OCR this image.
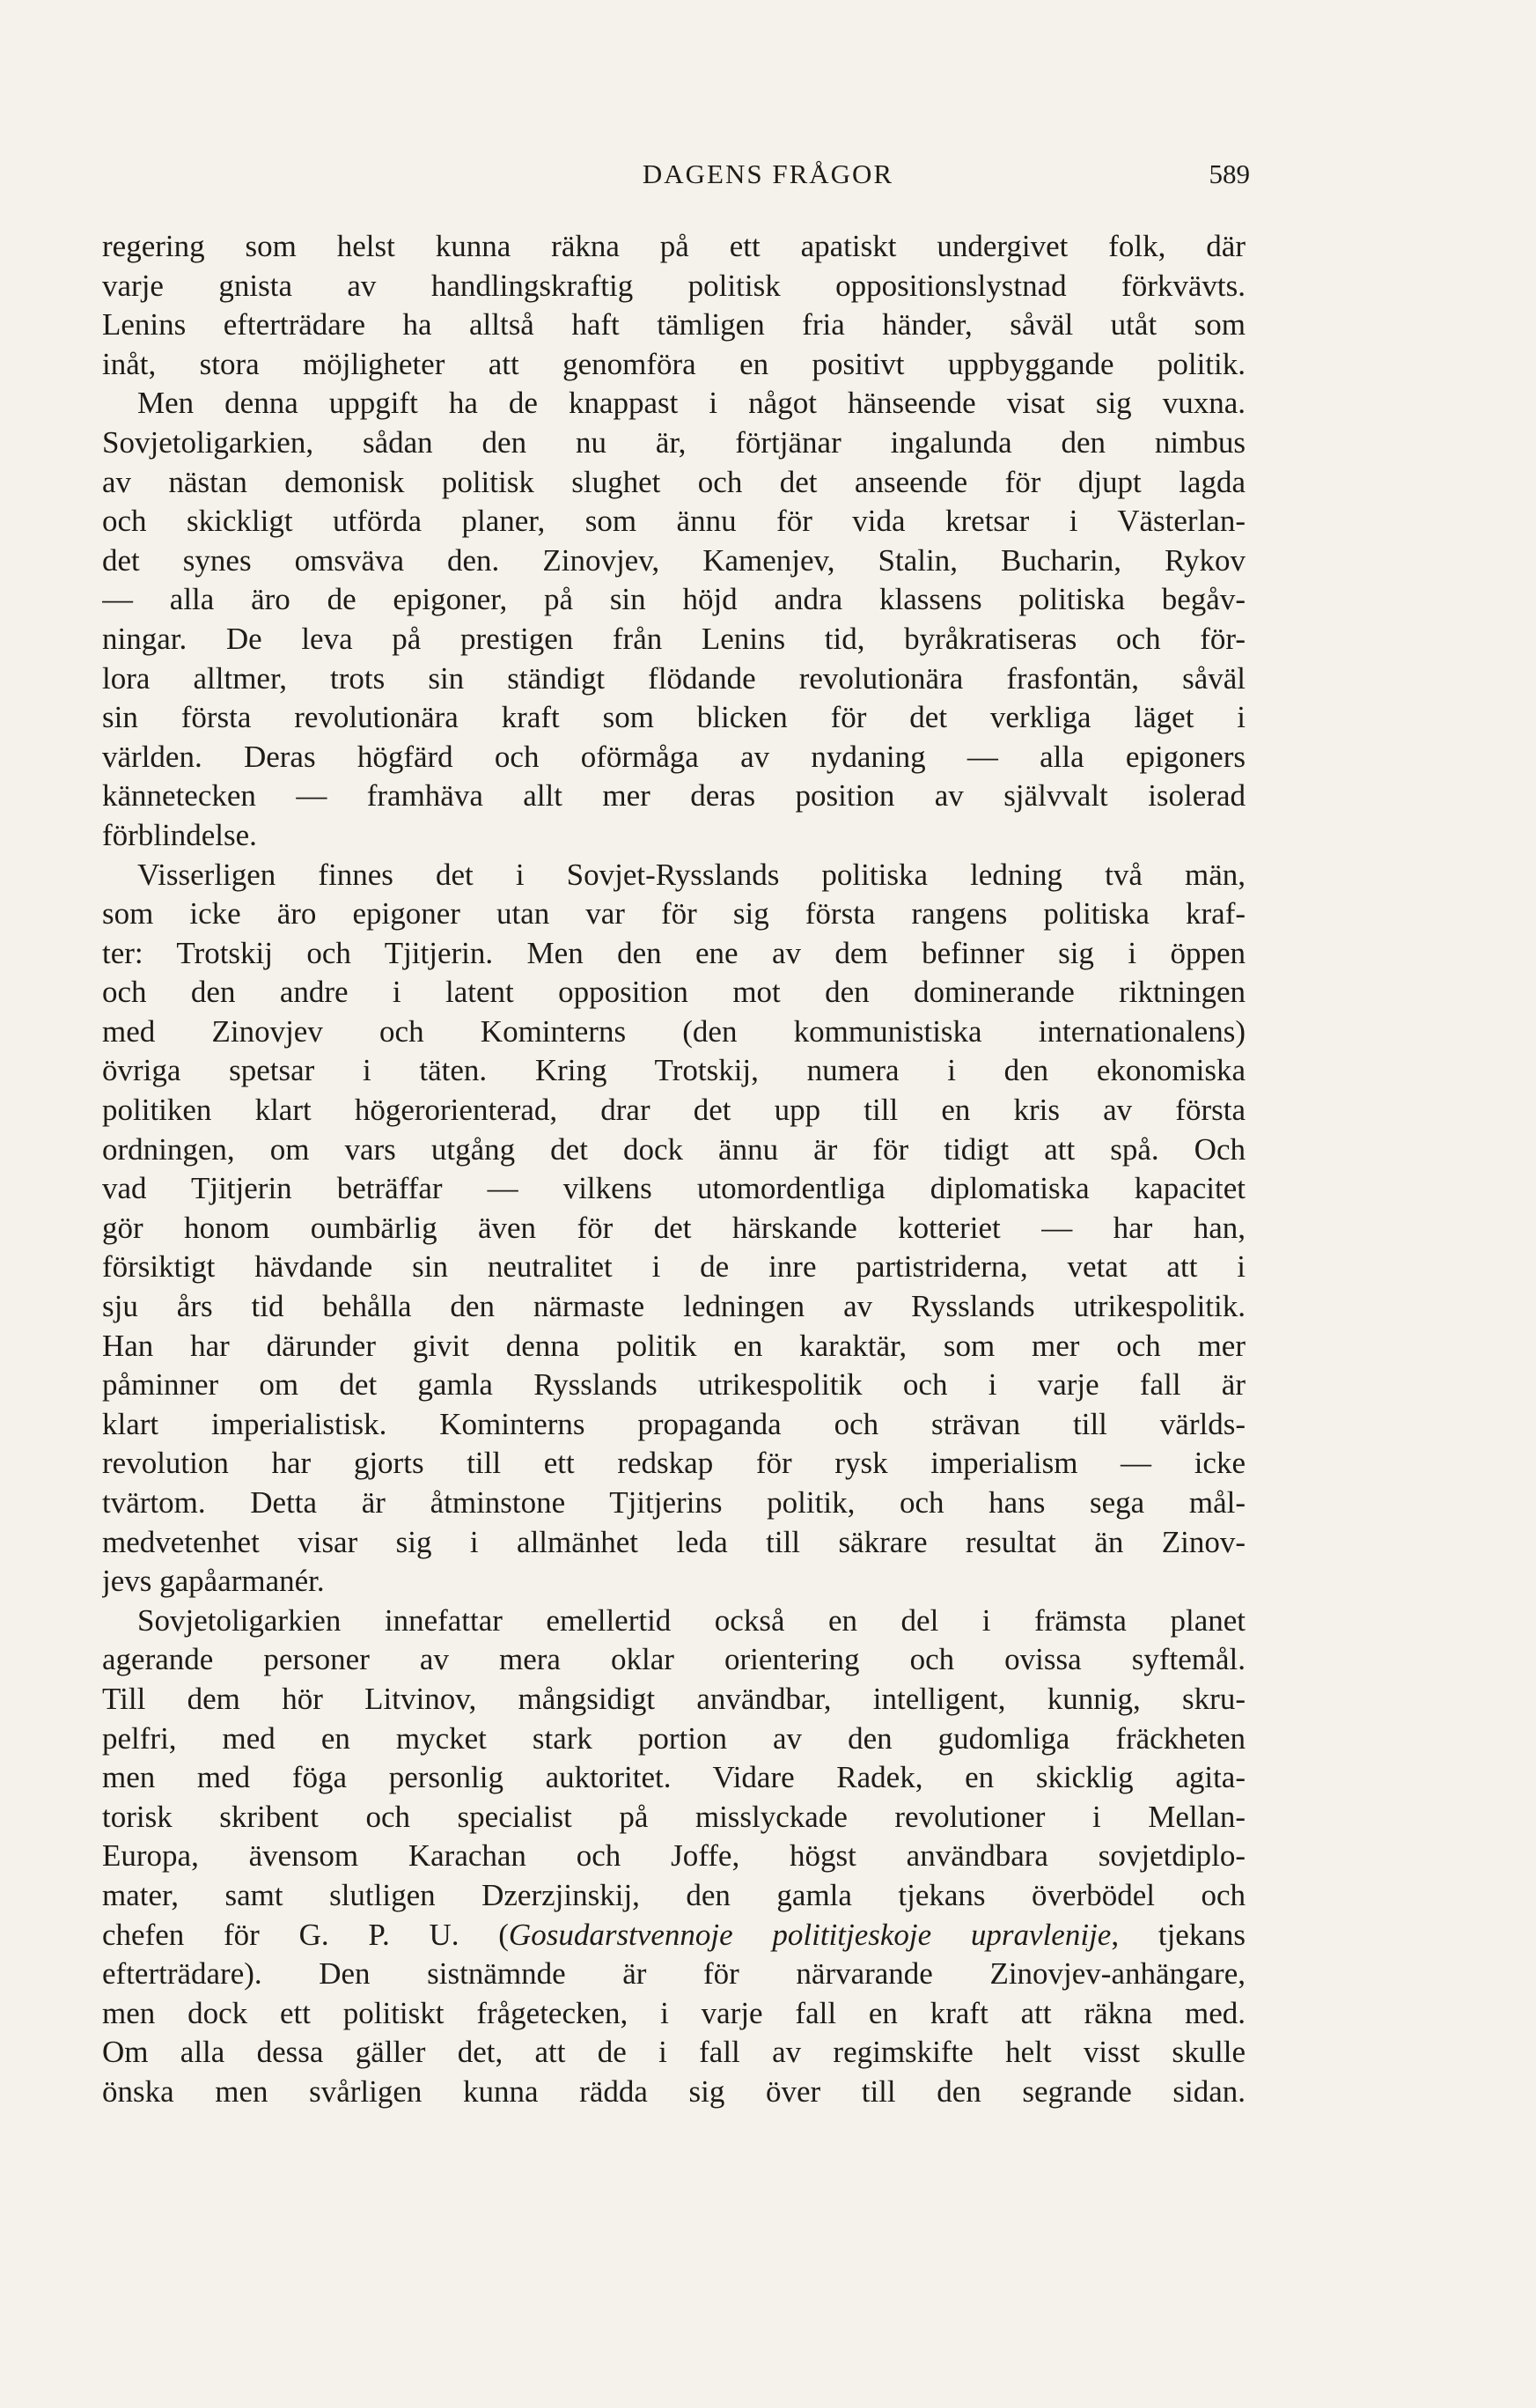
DAGENS FRÅGOR	589
regering som helst kunna räkna på ett apatiskt undergivet folk, där
varje gnista av handlingskraftig politisk oppositionslystnad förkvävts.
Lenins efterträdare ha alltså haft tämligen fria händer, såväl utåt som
inåt, stora möjligheter att genomföra en positivt uppbyggande politik.
Men denna uppgift ha de knappast i något hänseende visat sig vuxna.
Sovjetoligarkien, sådan den nu är, förtjänar ingalunda den nimbus
av nästan demonisk politisk slughet och det anseende för djupt lagda
och skickligt utförda planer, som ännu för vida kretsar i Västerlan-
det synes omsväva den. Zinovjev, Kamenjev, Stalin, Bucharin, Rykov
— alla äro de epigoner, på sin höjd andra klassens politiska begåv-
ningar. De leva på prestigen från Lenins tid, byråkratiseras och för-
lora alltmer, trots sin ständigt flödande revolutionära frasfontän, såväl
sin första revolutionära kraft som blicken för det verkliga läget i
världen. Deras högfärd och oförmåga av nydaning — alla epigoners
kännetecken — framhäva allt mer deras position av självvalt isolerad
förblindelse.
Visserligen finnes det i Sovjet-Rysslands politiska ledning två män,
som icke äro epigoner utan var för sig första rangens politiska kraf-
ter: Trotskij och Tjitjerin. Men den ene av dem befinner sig i öppen
och den andre i latent opposition mot den dominerande riktningen
med Zinovjev och Kominterns (den kommunistiska internationalens)
övriga spetsar i täten. Kring Trotskij, numera i den ekonomiska
politiken klart högerorienterad, drar det upp till en kris av första
ordningen, om vars utgång det dock ännu är för tidigt att spå. Och
vad Tjitjerin beträffar — vilkens utomordentliga diplomatiska kapacitet
gör honom oumbärlig även för det härskande kotteriet — har han,
försiktigt hävdande sin neutralitet i de inre partistriderna, vetat att i
sju års tid behålla den närmaste ledningen av Rysslands utrikespolitik.
Han har därunder givit denna politik en karaktär, som mer och mer
påminner om det gamla Rysslands utrikespolitik och i varje fall är
klart imperialistisk. Kominterns propaganda och strävan till världs-
revolution har gjorts till ett redskap för rysk imperialism — icke
tvärtom. Detta är åtminstone Tjitjerins politik, och hans sega mål-
medvetenhet visar sig i allmänhet leda till säkrare resultat än Zinov-
jevs gapåarmanér.
Sovjetoligarkien innefattar emellertid också en del i främsta planet
agerande personer av mera oklar orientering och ovissa syftemål.
Till dem hör Litvinov, mångsidigt användbar, intelligent, kunnig, skru-
pelfri, med en mycket stark portion av den gudomliga fräckheten
men med föga personlig auktoritet. Vidare Radek, en skicklig agita-
torisk skribent och specialist på misslyckade revolutioner i Mellan-
Europa, ävensom Karachan och Joffe, högst användbara sovjetdiplo-
mater, samt slutligen Dzerzjinskij, den gamla tjekans överbödel och
chefen för G. P. U. (Gosudarstvennoje polititjeskoje upravlenije, tjekans
efterträdare). Den sistnämnde är för närvarande Zinovjev-anhängare,
men dock ett politiskt frågetecken, i varje fall en kraft att räkna med.
Om alla dessa gäller det, att de i fall av regimskifte helt visst skulle
önska men svårligen kunna rädda sig över till den segrande sidan.
